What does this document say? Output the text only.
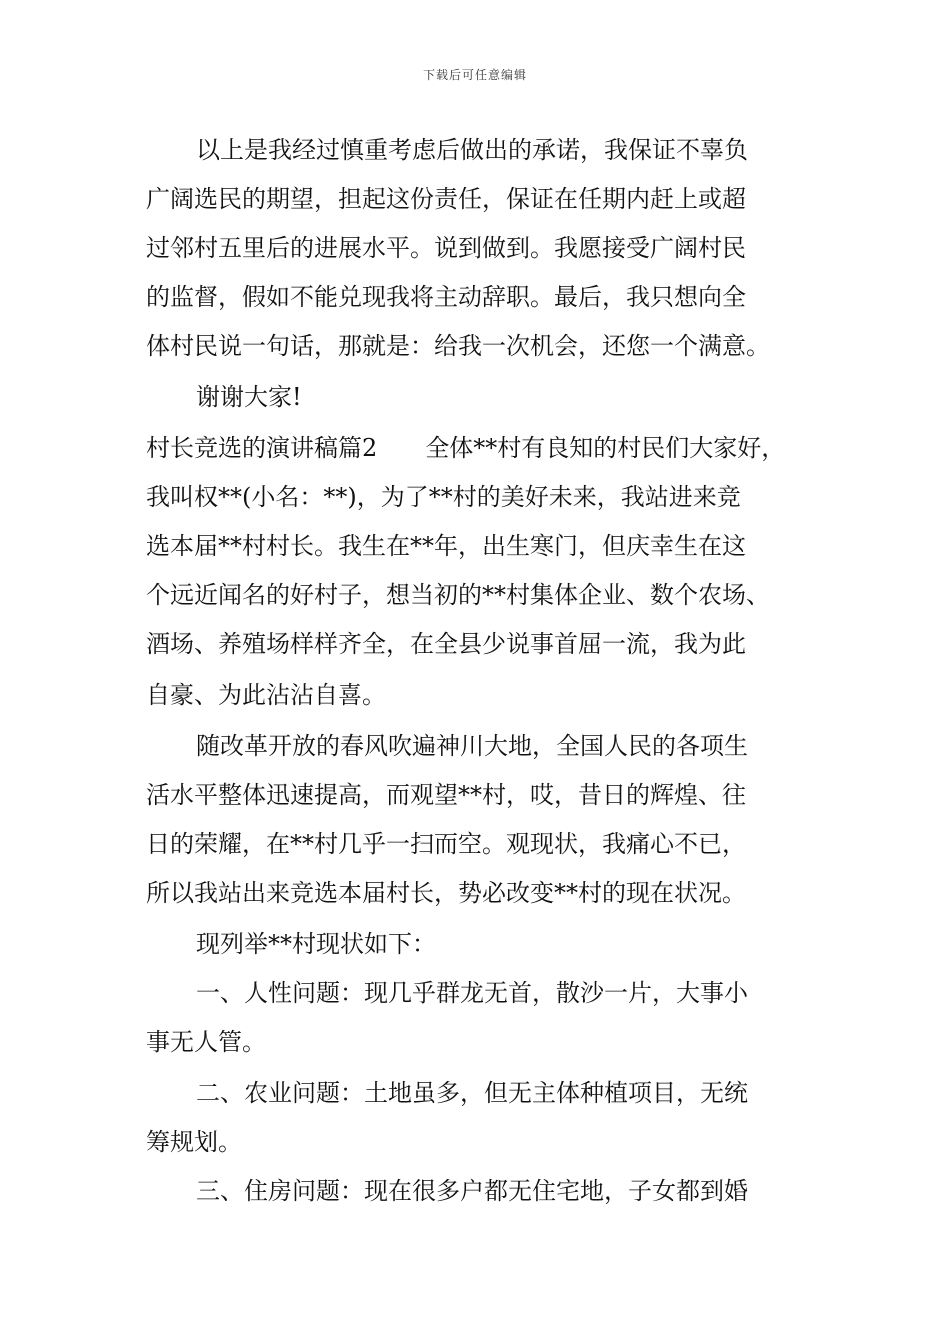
下载后可任意编辑
以上是我经过慎重考虑后做出的承诺，我保证不辜负
广阔选民的期望，担起这份责任，保证在任期内赶上或超
过邻村五里后的进展水平。说到做到。我愿接受广阔村民
的监督，假如不能兑现我将主动辞职。最后，我只想向全
体村民说一句话，那就是：给我一次机会，还您一个满意。
谢谢大家!
村长竞选的演讲稿篇2　　全体**村有良知的村民们大家好，
我叫权**(小名：**)，为了**村的美好未来，我站进来竞
选本届**村村长。我生在**年，出生寒门，但庆幸生在这
个远近闻名的好村子，想当初的**村集体企业、数个农场、
酒场、养殖场样样齐全，在全县少说事首屈一流，我为此
自豪、为此沾沾自喜。
随改革开放的春风吹遍神川大地，全国人民的各项生
活水平整体迅速提高，而观望**村，哎，昔日的辉煌、往
日的荣耀，在**村几乎一扫而空。观现状，我痛心不已，
所以我站出来竞选本届村长，势必改变**村的现在状况。
现列举**村现状如下：
一、人性问题：现几乎群龙无首，散沙一片，大事小
事无人管。
二、农业问题：土地虽多，但无主体种植项目，无统
筹规划。
三、住房问题：现在很多户都无住宅地，子女都到婚
